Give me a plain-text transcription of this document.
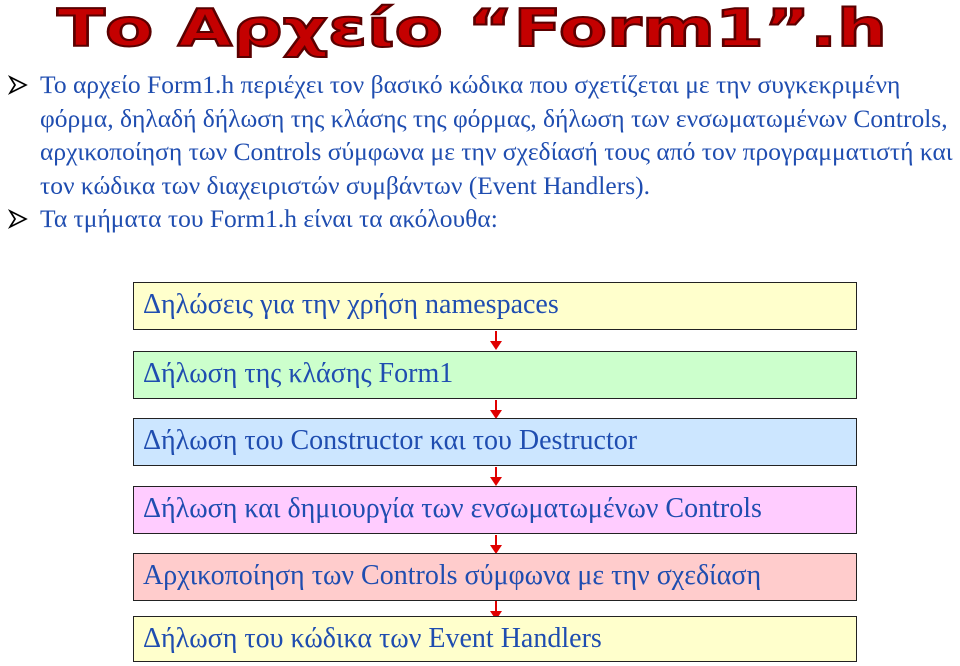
Το Αρχείο “Form1”.h
Το αρχείο Form1.h περιέχει τον βασικό κώδικα που σχετίζεται με την συγκεκριμένη φόρμα, δηλαδή δήλωση της κλάσης της φόρμας, δήλωση των ενσωματωμένων Controls, αρχικοποίηση των Controls σύμφωνα με την σχεδίασή τους από τον προγραμματιστή και τον κώδικα των διαχειριστών συμβάντων (Event Handlers).
Τα τμήματα του Form1.h είναι τα ακόλουθα:
Δηλώσεις για την χρήση namespaces
Δήλωση της κλάσης Form1
Δήλωση του Constructor και του Destructor
Δήλωση και δημιουργία των ενσωματωμένων Controls
Αρχικοποίηση των Controls σύμφωνα με την σχεδίαση
Δήλωση του κώδικα των Event Handlers
